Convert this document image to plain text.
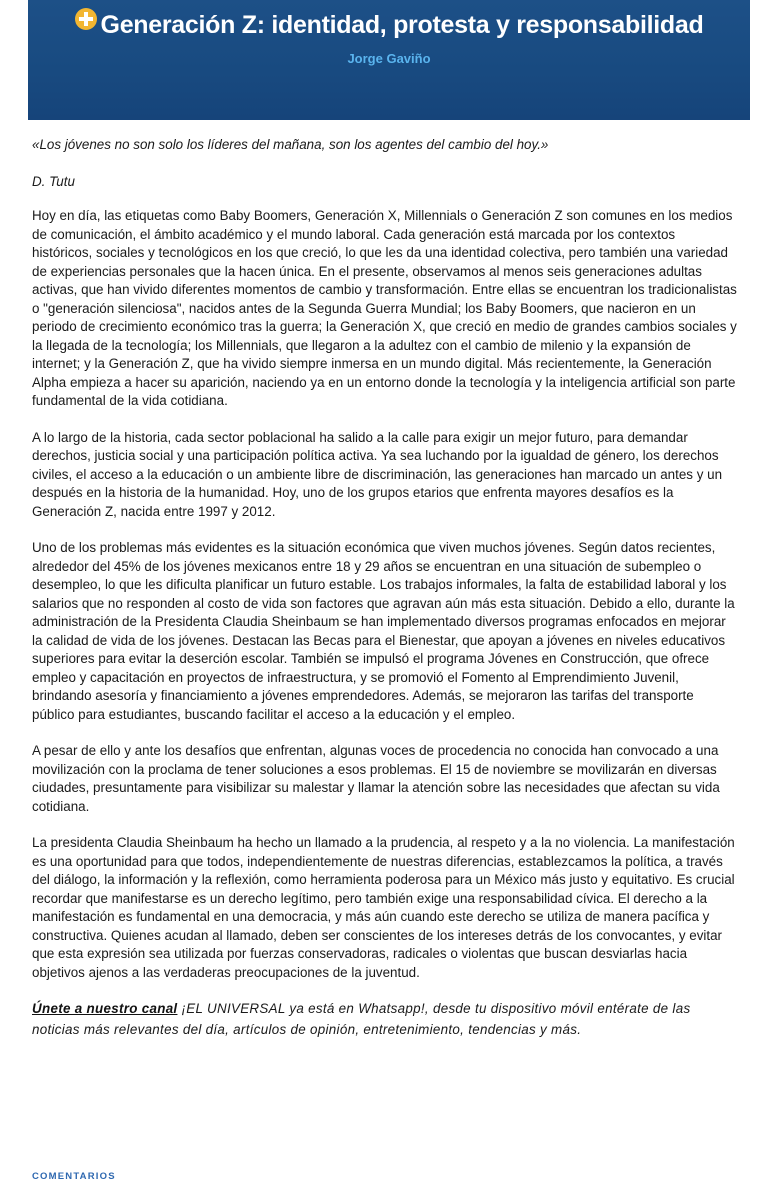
Generación Z: identidad, protesta y responsabilidad
Jorge Gaviño

«Los jóvenes no son solo los líderes del mañana, son los agentes del cambio del hoy.»

D. Tutu

Hoy en día, las etiquetas como Baby Boomers, Generación X, Millennials o Generación Z son comunes en los medios de comunicación, el ámbito académico y el mundo laboral. Cada generación está marcada por los contextos históricos, sociales y tecnológicos en los que creció, lo que les da una identidad colectiva, pero también una variedad de experiencias personales que la hacen única. En el presente, observamos al menos seis generaciones adultas activas, que han vivido diferentes momentos de cambio y transformación. Entre ellas se encuentran los tradicionalistas o "generación silenciosa", nacidos antes de la Segunda Guerra Mundial; los Baby Boomers, que nacieron en un periodo de crecimiento económico tras la guerra; la Generación X, que creció en medio de grandes cambios sociales y la llegada de la tecnología; los Millennials, que llegaron a la adultez con el cambio de milenio y la expansión de internet; y la Generación Z, que ha vivido siempre inmersa en un mundo digital. Más recientemente, la Generación Alpha empieza a hacer su aparición, naciendo ya en un entorno donde la tecnología y la inteligencia artificial son parte fundamental de la vida cotidiana.

A lo largo de la historia, cada sector poblacional ha salido a la calle para exigir un mejor futuro, para demandar derechos, justicia social y una participación política activa. Ya sea luchando por la igualdad de género, los derechos civiles, el acceso a la educación o un ambiente libre de discriminación, las generaciones han marcado un antes y un después en la historia de la humanidad. Hoy, uno de los grupos etarios que enfrenta mayores desafíos es la Generación Z, nacida entre 1997 y 2012.

Uno de los problemas más evidentes es la situación económica que viven muchos jóvenes. Según datos recientes, alrededor del 45% de los jóvenes mexicanos entre 18 y 29 años se encuentran en una situación de subempleo o desempleo, lo que les dificulta planificar un futuro estable. Los trabajos informales, la falta de estabilidad laboral y los salarios que no responden al costo de vida son factores que agravan aún más esta situación. Debido a ello, durante la administración de la Presidenta Claudia Sheinbaum se han implementado diversos programas enfocados en mejorar la calidad de vida de los jóvenes. Destacan las Becas para el Bienestar, que apoyan a jóvenes en niveles educativos superiores para evitar la deserción escolar. También se impulsó el programa Jóvenes en Construcción, que ofrece empleo y capacitación en proyectos de infraestructura, y se promovió el Fomento al Emprendimiento Juvenil, brindando asesoría y financiamiento a jóvenes emprendedores. Además, se mejoraron las tarifas del transporte público para estudiantes, buscando facilitar el acceso a la educación y el empleo.

A pesar de ello y ante los desafíos que enfrentan, algunas voces de procedencia no conocida han convocado a una movilización con la proclama de tener soluciones a esos problemas. El 15 de noviembre se movilizarán en diversas ciudades, presuntamente para visibilizar su malestar y llamar la atención sobre las necesidades que afectan su vida cotidiana.

La presidenta Claudia Sheinbaum ha hecho un llamado a la prudencia, al respeto y a la no violencia. La manifestación es una oportunidad para que todos, independientemente de nuestras diferencias, establezcamos la política, a través del diálogo, la información y la reflexión, como herramienta poderosa para un México más justo y equitativo. Es crucial recordar que manifestarse es un derecho legítimo, pero también exige una responsabilidad cívica. El derecho a la manifestación es fundamental en una democracia, y más aún cuando este derecho se utiliza de manera pacífica y constructiva. Quienes acudan al llamado, deben ser conscientes de los intereses detrás de los convocantes, y evitar que esta expresión sea utilizada por fuerzas conservadoras, radicales o violentas que buscan desviarlas hacia objetivos ajenos a las verdaderas preocupaciones de la juventud.

Únete a nuestro canal ¡EL UNIVERSAL ya está en Whatsapp!, desde tu dispositivo móvil entérate de las noticias más relevantes del día, artículos de opinión, entretenimiento, tendencias y más.

COMENTARIOS
